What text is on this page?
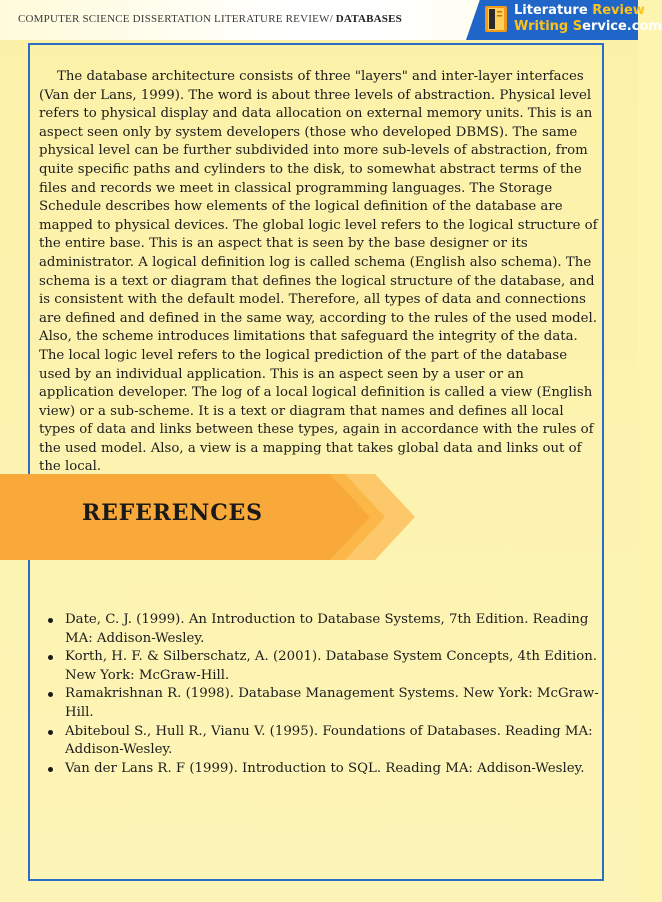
COMPUTER SCIENCE DISSERTATION LITERATURE REVIEW/ DATABASES
Literature Review
Writing Service.com

The database architecture consists of three "layers" and inter-layer interfaces (Van der Lans, 1999). The word is about three levels of abstraction. Physical level refers to physical display and data allocation on external memory units. This is an aspect seen only by system developers (those who developed DBMS). The same physical level can be further subdivided into more sub-levels of abstraction, from quite specific paths and cylinders to the disk, to somewhat abstract terms of the files and records we meet in classical programming languages. The Storage Schedule describes how elements of the logical definition of the database are mapped to physical devices. The global logic level refers to the logical structure of the entire base. This is an aspect that is seen by the base designer or its administrator. A logical definition log is called schema (English also schema). The schema is a text or diagram that defines the logical structure of the database, and is consistent with the default model. Therefore, all types of data and connections are defined and defined in the same way, according to the rules of the used model. Also, the scheme introduces limitations that safeguard the integrity of the data. The local logic level refers to the logical prediction of the part of the database used by an individual application. This is an aspect seen by a user or an application developer. The log of a local logical definition is called a view (English view) or a sub-scheme. It is a text or diagram that names and defines all local types of data and links between these types, again in accordance with the rules of the used model. Also, a view is a mapping that takes global data and links out of the local.

REFERENCES
Date, C. J. (1999). An Introduction to Database Systems, 7th Edition. Reading MA: Addison-Wesley.
Korth, H. F. & Silberschatz, A. (2001). Database System Concepts, 4th Edition. New York: McGraw-Hill.
Ramakrishnan R. (1998). Database Management Systems. New York: McGraw-Hill.
Abiteboul S., Hull R., Vianu V. (1995). Foundations of Databases. Reading MA: Addison-Wesley.
Van der Lans R. F (1999). Introduction to SQL. Reading MA: Addison-Wesley.
